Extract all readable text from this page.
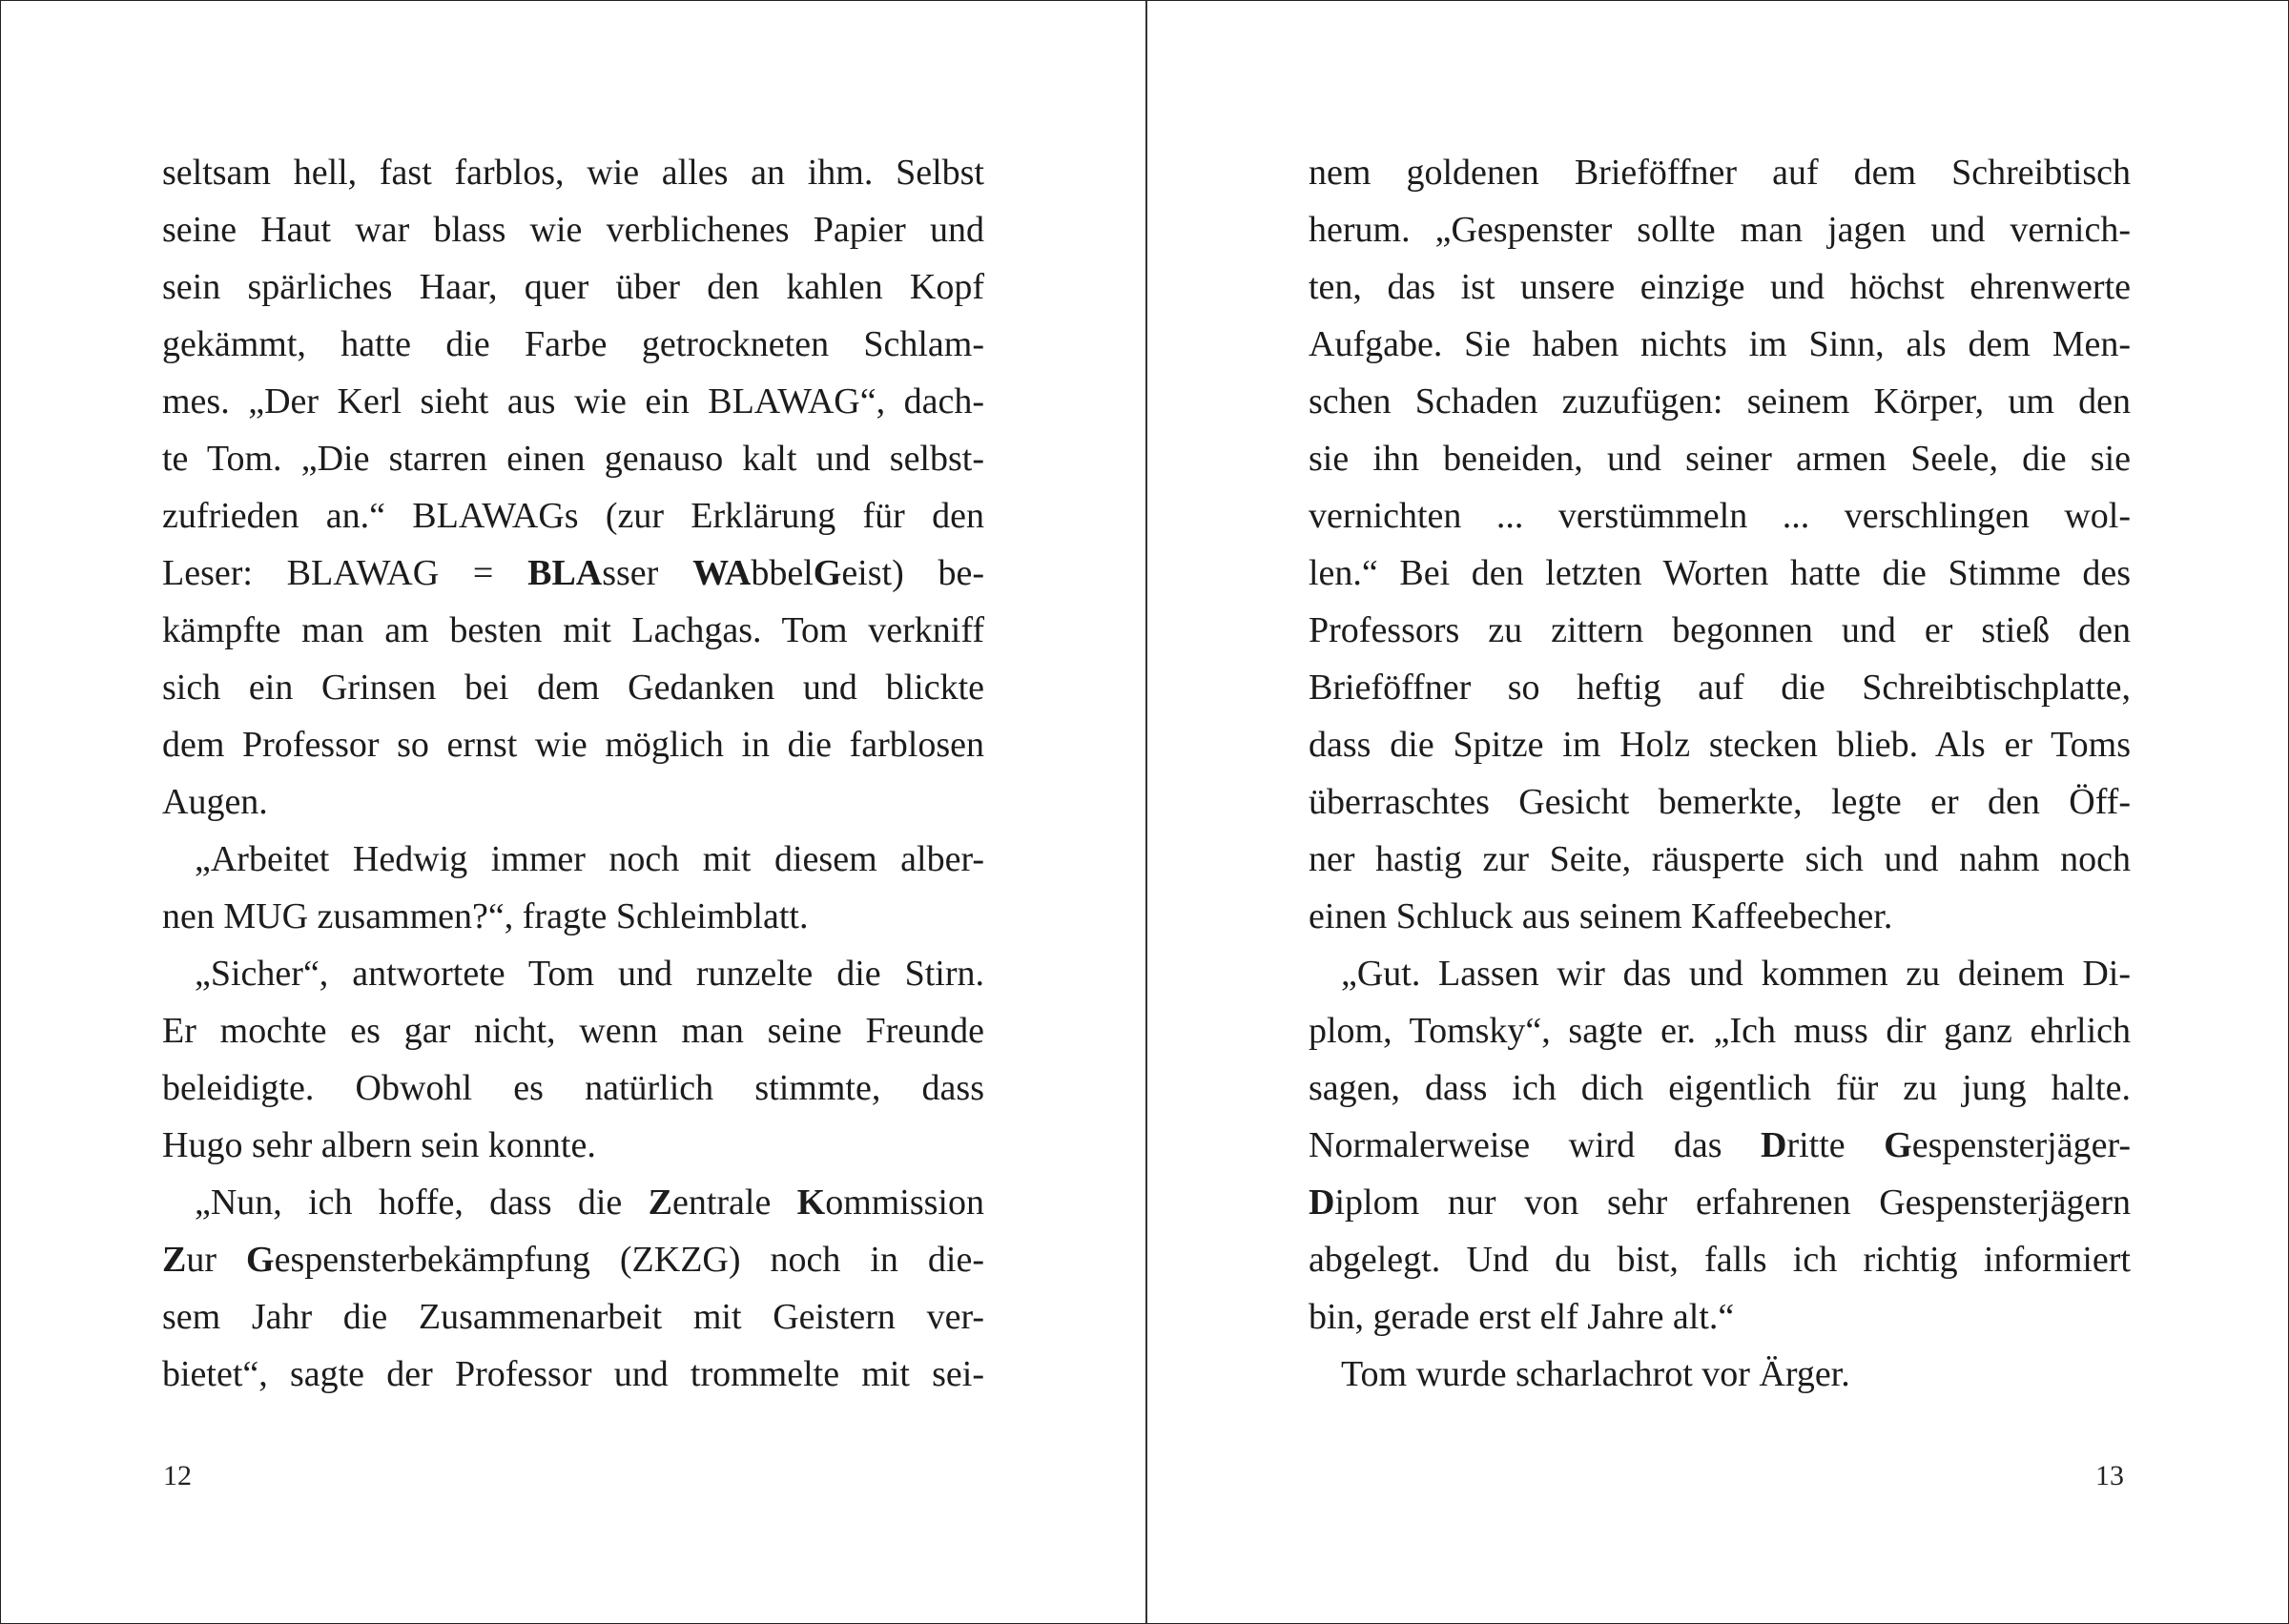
seltsam hell, fast farblos, wie alles an ihm. Selbst
seine Haut war blass wie verblichenes Papier und
sein spärliches Haar, quer über den kahlen Kopf
gekämmt, hatte die Farbe getrockneten Schlam-
mes. „Der Kerl sieht aus wie ein BLAWAG“, dach-
te Tom. „Die starren einen genauso kalt und selbst-
zufrieden an.“ BLAWAGs (zur Erklärung für den
Leser: BLAWAG = BLAsser WAbbelGeist) be-
kämpfte man am besten mit Lachgas. Tom verkniff
sich ein Grinsen bei dem Gedanken und blickte
dem Professor so ernst wie möglich in die farblosen
Augen.
„Arbeitet Hedwig immer noch mit diesem alber-
nen MUG zusammen?“, fragte Schleimblatt.
„Sicher“, antwortete Tom und runzelte die Stirn.
Er mochte es gar nicht, wenn man seine Freunde
beleidigte. Obwohl es natürlich stimmte, dass
Hugo sehr albern sein konnte.
„Nun, ich hoffe, dass die Zentrale Kommission
Zur Gespensterbekämpfung (ZKZG) noch in die-
sem Jahr die Zusammenarbeit mit Geistern ver-
bietet“, sagte der Professor und trommelte mit sei-
12
nem goldenen Brieföffner auf dem Schreibtisch
herum. „Gespenster sollte man jagen und vernich-
ten, das ist unsere einzige und höchst ehrenwerte
Aufgabe. Sie haben nichts im Sinn, als dem Men-
schen Schaden zuzufügen: seinem Körper, um den
sie ihn beneiden, und seiner armen Seele, die sie
vernichten ... verstümmeln ... verschlingen wol-
len.“ Bei den letzten Worten hatte die Stimme des
Professors zu zittern begonnen und er stieß den
Brieföffner so heftig auf die Schreibtischplatte,
dass die Spitze im Holz stecken blieb. Als er Toms
überraschtes Gesicht bemerkte, legte er den Öff-
ner hastig zur Seite, räusperte sich und nahm noch
einen Schluck aus seinem Kaffeebecher.
„Gut. Lassen wir das und kommen zu deinem Di-
plom, Tomsky“, sagte er. „Ich muss dir ganz ehrlich
sagen, dass ich dich eigentlich für zu jung halte.
Normalerweise wird das Dritte Gespensterjäger-
Diplom nur von sehr erfahrenen Gespensterjägern
abgelegt. Und du bist, falls ich richtig informiert
bin, gerade erst elf Jahre alt.“
Tom wurde scharlachrot vor Ärger.
13
